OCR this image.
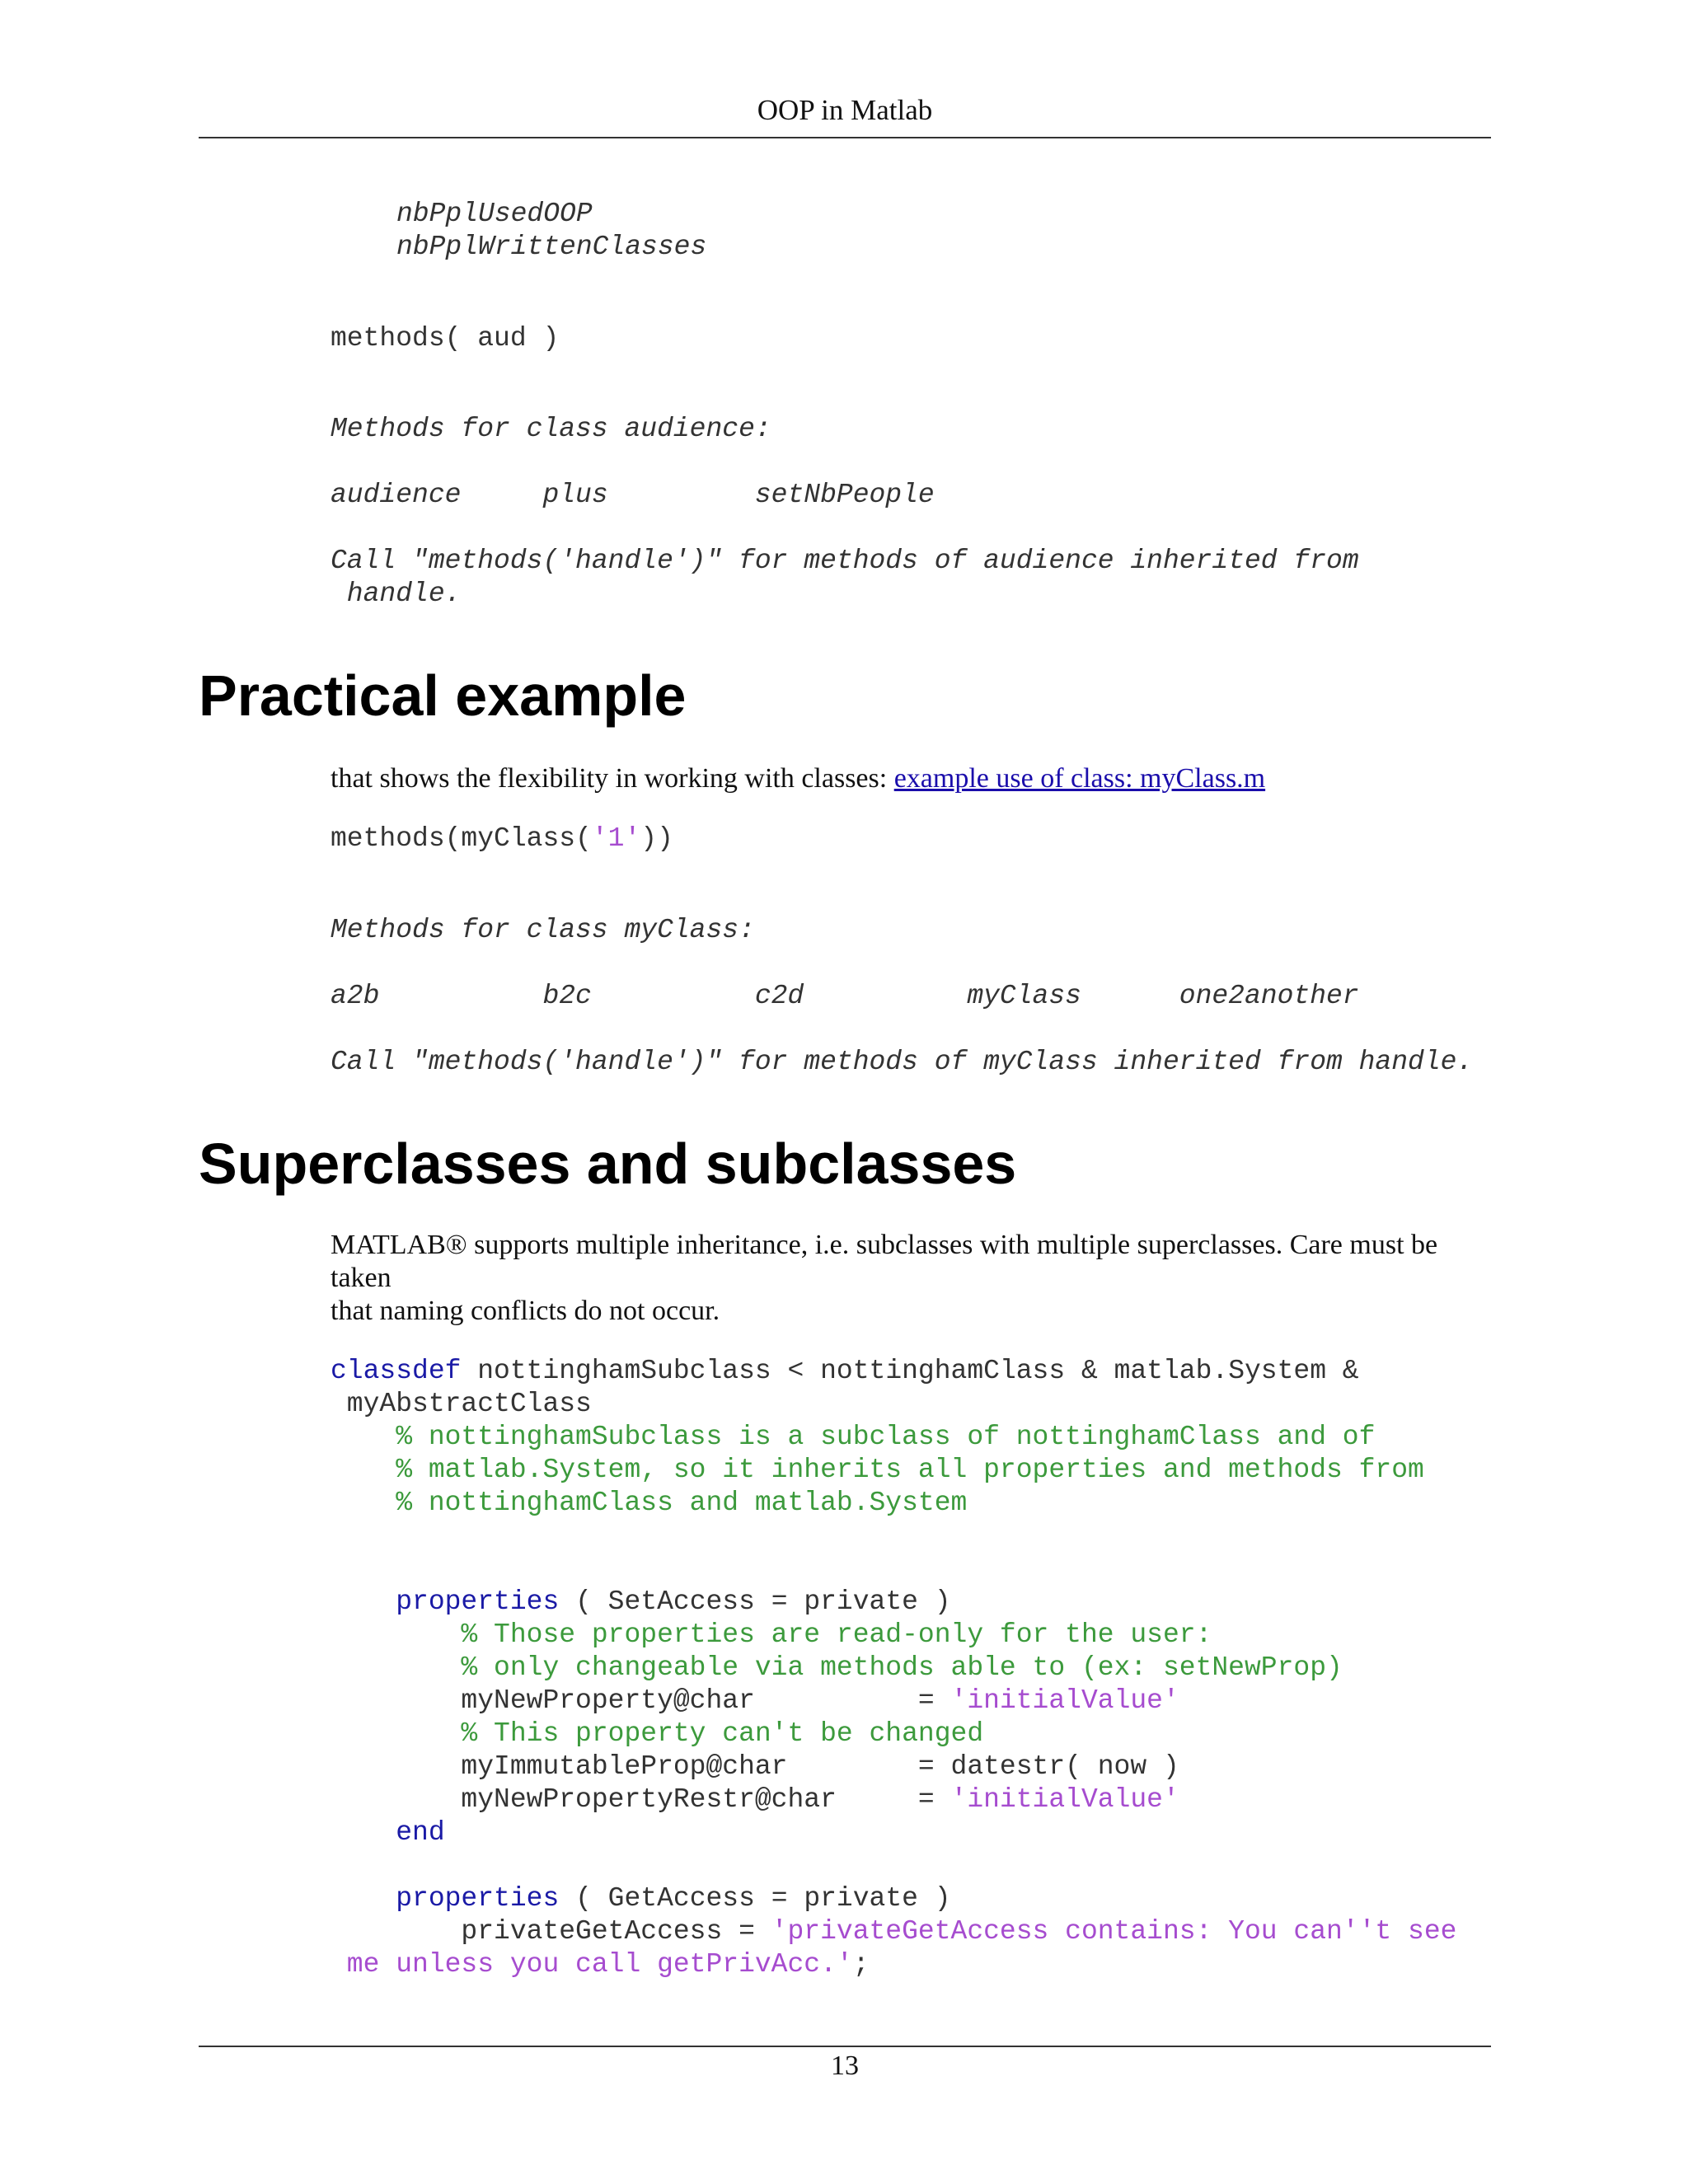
OOP in Matlab
nbPplUsedOOP
nbPplWrittenClasses
methods( aud )
Methods for class audience:
audience     plus         setNbPeople
Call "methods('handle')" for methods of audience inherited from
handle.
Practical example
that shows the flexibility in working with classes: example use of class: myClass.m
methods(myClass('1'))
Methods for class myClass:
a2b          b2c          c2d          myClass      one2another
Call "methods('handle')" for methods of myClass inherited from handle.
Superclasses and subclasses
MATLAB® supports multiple inheritance, i.e. subclasses with multiple superclasses. Care must be taken
that naming conflicts do not occur.
classdef nottinghamSubclass < nottinghamClass & matlab.System &
myAbstractClass
% nottinghamSubclass is a subclass of nottinghamClass and of
% matlab.System, so it inherits all properties and methods from
% nottinghamClass and matlab.System
properties ( SetAccess = private )
% Those properties are read-only for the user:
% only changeable via methods able to (ex: setNewProp)
myNewProperty@char          = 'initialValue'
% This property can't be changed
myImmutableProp@char        = datestr( now )
myNewPropertyRestr@char     = 'initialValue'
end
properties ( GetAccess = private )
privateGetAccess = 'privateGetAccess contains: You can''t see
me unless you call getPrivAcc.';
13
